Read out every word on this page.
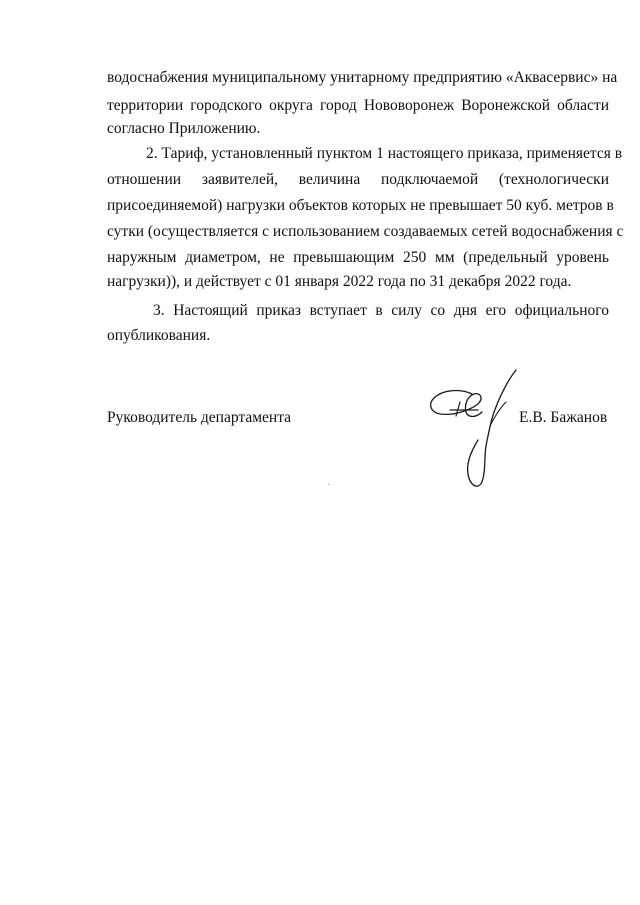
водоснабжения муниципальному унитарному предприятию «Аквасервис» на
территории городского округа город Нововоронеж Воронежской области
согласно Приложению.
2. Тариф, установленный пунктом 1 настоящего приказа, применяется в
отношении заявителей, величина подключаемой (технологически
присоединяемой) нагрузки объектов которых не превышает 50 куб. метров в
сутки (осуществляется с использованием создаваемых сетей водоснабжения с
наружным диаметром, не превышающим 250 мм (предельный уровень
нагрузки)), и действует с 01 января 2022 года по 31 декабря 2022 года.
3. Настоящий приказ вступает в силу со дня его официального
опубликования.
Руководитель департамента	Е.В. Бажанов
